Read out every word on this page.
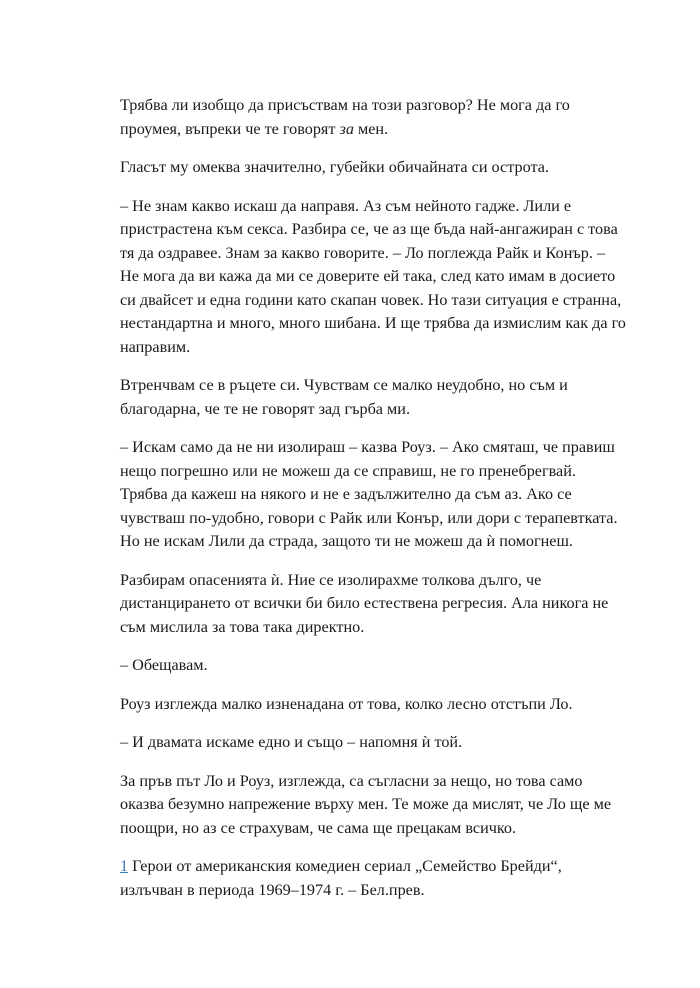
Трябва ли изобщо да присъствам на този разговор? Не мога да го
проумея, въпреки че те говорят за мен.

Гласът му омеква значително, губейки обичайната си острота.

– Не знам какво искаш да направя. Аз съм нейното гадже. Лили е
пристрастена към секса. Разбира се, че аз ще бъда най-ангажиран с това
тя да оздравее. Знам за какво говорите. – Ло поглежда Райк и Конър. –
Не мога да ви кажа да ми се доверите ей така, след като имам в досието
си двайсет и една години като скапан човек. Но тази ситуация е странна,
нестандартна и много, много шибана. И ще трябва да измислим как да го
направим.

Втренчвам се в ръцете си. Чувствам се малко неудобно, но съм и
благодарна, че те не говорят зад гърба ми.

– Искам само да не ни изолираш – казва Роуз. – Ако смяташ, че правиш
нещо погрешно или не можеш да се справиш, не го пренебрегвай.
Трябва да кажеш на някого и не е задължително да съм аз. Ако се
чувстваш по-удобно, говори с Райк или Конър, или дори с терапевтката.
Но не искам Лили да страда, защото ти не можеш да ѝ помогнеш.

Разбирам опасенията ѝ. Ние се изолирахме толкова дълго, че
дистанцирането от всички би било естествена регресия. Ала никога не
съм мислила за това така директно.

– Обещавам.

Роуз изглежда малко изненадана от това, колко лесно отстъпи Ло.

– И двамата искаме едно и също – напомня ѝ той.

За пръв път Ло и Роуз, изглежда, са съгласни за нещо, но това само
оказва безумно напрежение върху мен. Те може да мислят, че Ло ще ме
поощри, но аз се страхувам, че сама ще прецакам всичко.

1 Герои от американския комедиен сериал „Семейство Брейди“,
излъчван в периода 1969–1974 г. – Бел.прев.
